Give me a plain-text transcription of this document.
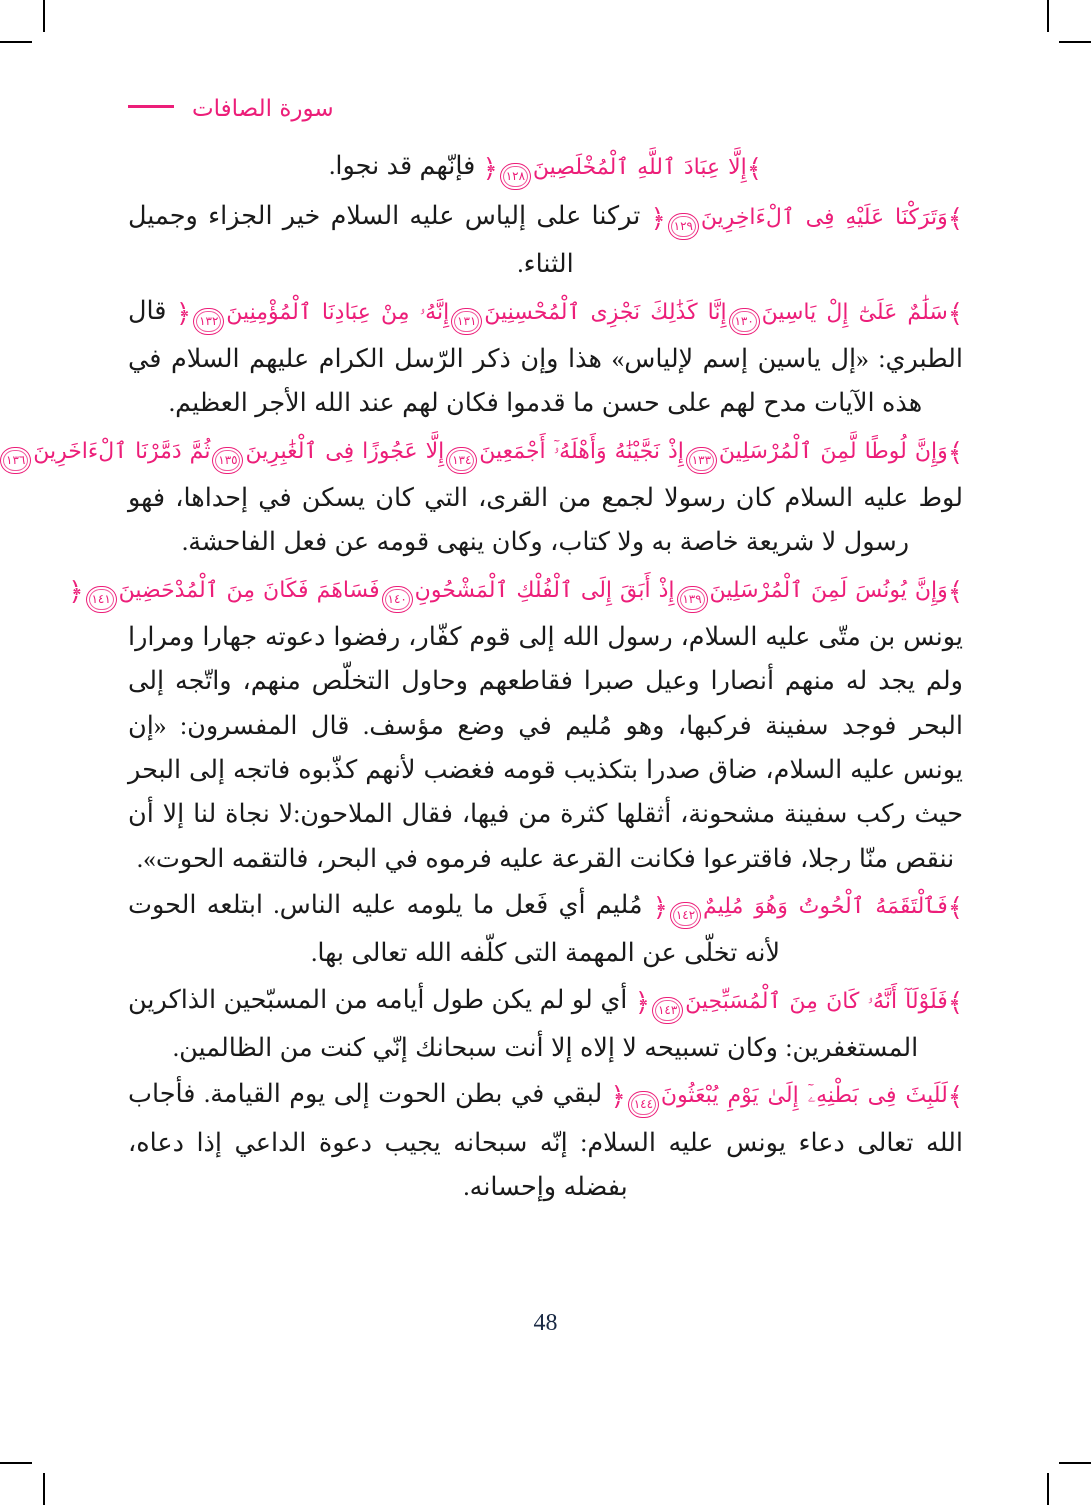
سورة الصافات

﴾إِلَّا عِبَادَ ٱللَّهِ ٱلْمُخْلَصِينَ١٢٨﴿ فإنّهم قد نجوا.

﴾وَتَرَكْنَا عَلَيْهِ فِى ٱلْءَاخِرِينَ١٢٩﴿ تركنا على إلياس عليه السلام خير الجزاء وجميل الثناء.

﴾سَلَٰمٌ عَلَىٰٓ إِلْ يَاسِينَ١٣٠إِنَّا كَذَٰلِكَ نَجْزِى ٱلْمُحْسِنِينَ١٣١إِنَّهُۥ مِنْ عِبَادِنَا ٱلْمُؤْمِنِينَ١٣٢﴿ قال الطبري: «إل ياسين إسم لإلياس» هذا وإن ذكر الرّسل الكرام عليهم السلام في هذه الآيات مدح لهم على حسن ما قدموا فكان لهم عند الله الأجر العظيم.

﴾وَإِنَّ لُوطًا لَّمِنَ ٱلْمُرْسَلِينَ١٣٣إِذْ نَجَّيْنَٰهُ وَأَهْلَهُۥٓ أَجْمَعِينَ١٣٤إِلَّا عَجُوزًا فِى ٱلْغَٰبِرِينَ١٣٥ثُمَّ دَمَّرْنَا ٱلْءَاخَرِينَ١٣٦ لوط عليه السلام كان رسولا لجمع من القرى، التي كان يسكن في إحداها، فهو رسول لا شريعة خاصة به ولا كتاب، وكان ينهى قومه عن فعل الفاحشة.

﴾وَإِنَّ يُونُسَ لَمِنَ ٱلْمُرْسَلِينَ١٣٩إِذْ أَبَقَ إِلَى ٱلْفُلْكِ ٱلْمَشْحُونِ١٤٠فَسَاهَمَ فَكَانَ مِنَ ٱلْمُدْحَضِينَ١٤١﴿ يونس بن متّى عليه السلام، رسول الله إلى قوم كفّار، رفضوا دعوته جهارا ومرارا ولم يجد له منهم أنصارا وعيل صبرا فقاطعهم وحاول التخلّص منهم، واتّجه إلى البحر فوجد سفينة فركبها، وهو مُليم في وضع مؤسف. قال المفسرون: «إن يونس عليه السلام، ضاق صدرا بتكذيب قومه فغضب لأنهم كذّبوه فاتجه إلى البحر حيث ركب سفينة مشحونة، أثقلها كثرة من فيها، فقال الملاحون:لا نجاة لنا إلا أن ننقص منّا رجلا، فاقترعوا فكانت القرعة عليه فرموه في البحر، فالتقمه الحوت».

﴾فَٱلْتَقَمَهُ ٱلْحُوتُ وَهُوَ مُلِيمٌ١٤٢﴿ مُليم أي فَعل ما يلومه عليه الناس. ابتلعه الحوت لأنه تخلّى عن المهمة التى كلّفه الله تعالى بها.

﴾فَلَوْلَآ أَنَّهُۥ كَانَ مِنَ ٱلْمُسَبِّحِينَ١٤٣﴿ أي لو لم يكن طول أيامه من المسبّحين الذاكرين المستغفرين: وكان تسبيحه لا إلاه إلا أنت سبحانك إنّي كنت من الظالمين.

﴾لَلَبِثَ فِى بَطْنِهِۦٓ إِلَىٰ يَوْمِ يُبْعَثُونَ١٤٤﴿ لبقي في بطن الحوت إلى يوم القيامة. فأجاب الله تعالى دعاء يونس عليه السلام: إنّه سبحانه يجيب دعوة الداعي إذا دعاه، بفضله وإحسانه.

48
